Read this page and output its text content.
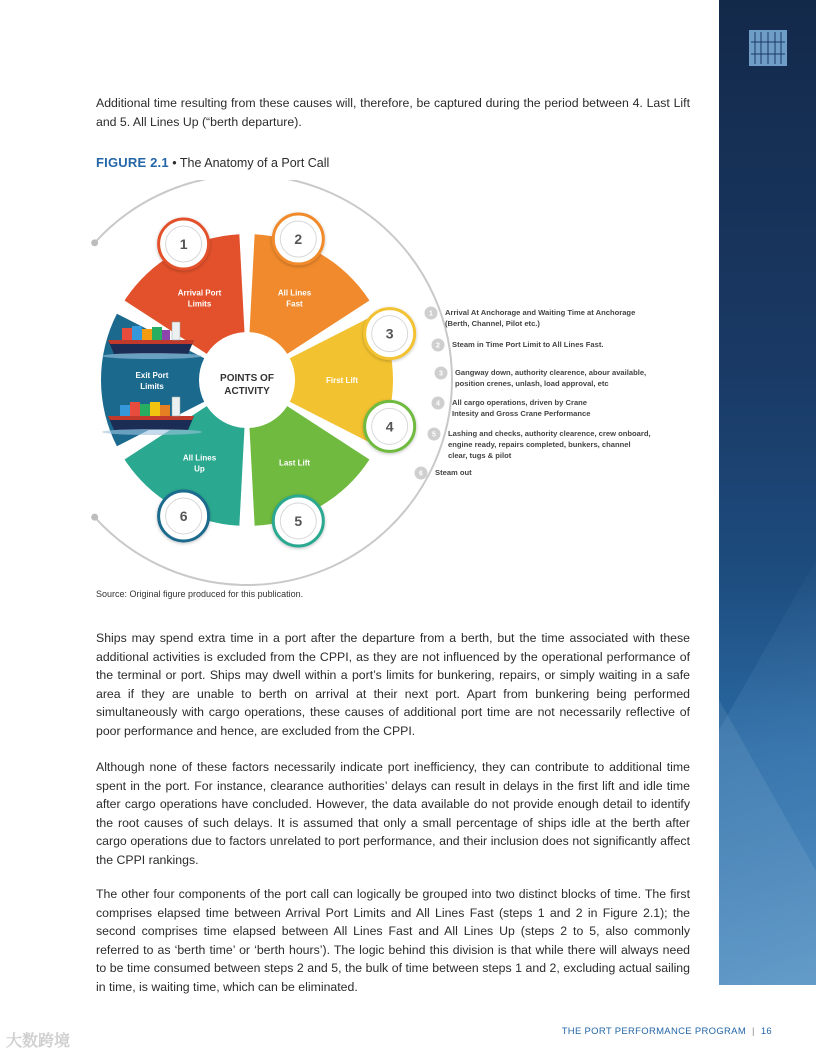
Additional time resulting from these causes will, therefore, be captured during the period between 4. Last Lift and 5. All Lines Up (“berth departure).

FIGURE 2.1 • The Anatomy of a Port Call

Arrival Port
Limits
1
All Lines
Fast
2
First Lift
3
Last Lift
4
All Lines
Up
5
Exit Port
Limits
6
POINTS OF
ACTIVITY
1 Arrival At Anchorage and Waiting Time at Anchorage
(Berth, Channel, Pilot etc.)
2 Steam in Time Port Limit to All Lines Fast.
3 Gangway down, authority clearence, abour available,
position crenes, unlash, load approval, etc
4 All cargo operations, driven by Crane
Intesity and Gross Crane Performance
5 Lashing and checks, authority clearence, crew onboard,
engine ready, repairs completed, bunkers, channel
clear, tugs & pilot
6 Steam out
Source: Original figure produced for this publication.

Ships may spend extra time in a port after the departure from a berth, but the time associated with these additional activities is excluded from the CPPI, as they are not influenced by the operational performance of the terminal or port. Ships may dwell within a port’s limits for bunkering, repairs, or simply waiting in a safe area if they are unable to berth on arrival at their next port. Apart from bunkering being performed simultaneously with cargo operations, these causes of additional port time are not necessarily reflective of poor performance and hence, are excluded from the CPPI.

Although none of these factors necessarily indicate port inefficiency, they can contribute to additional time spent in the port. For instance, clearance authorities’ delays can result in delays in the first lift and idle time after cargo operations have concluded. However, the data available do not provide enough detail to identify the root causes of such delays. It is assumed that only a small percentage of ships idle at the berth after cargo operations due to factors unrelated to port performance, and their inclusion does not significantly affect the CPPI rankings.

The other four components of the port call can logically be grouped into two distinct blocks of time. The first comprises elapsed time between Arrival Port Limits and All Lines Fast (steps 1 and 2 in Figure 2.1); the second comprises time elapsed between All Lines Fast and All Lines Up (steps 2 to 5, also commonly referred to as ‘berth time’ or ‘berth hours’). The logic behind this division is that while there will always need to be time consumed between steps 2 and 5, the bulk of time between steps 1 and 2, excluding actual sailing in time, is waiting time, which can be eliminated.

THE PORT PERFORMANCE PROGRAM | 16
大数跨境
